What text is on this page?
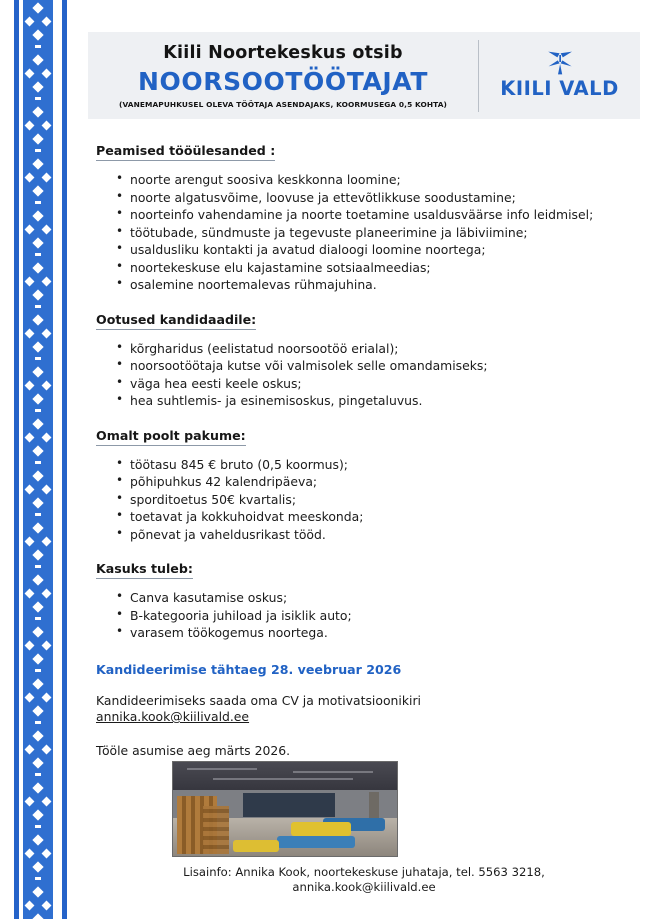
Kiili Noortekeskus otsib
NOORSOOTÖÖTAJAT
(VANEMAPUHKUSEL OLEVA TÖÖTAJA ASENDAJAKS, KOORMUSEGA 0,5 KOHTA)
KIILI VALD
Peamised tööülesanded :
• noorte arengut soosiva keskkonna loomine;
• noorte algatusvõime, loovuse ja ettevõtlikkuse soodustamine;
• noorteinfo vahendamine ja noorte toetamine usaldusväärse info leidmisel;
• töötubade, sündmuste ja tegevuste planeerimine ja läbiviimine;
• usaldusliku kontakti ja avatud dialoogi loomine noortega;
• noortekeskuse elu kajastamine sotsiaalmeedias;
• osalemine noortemalevas rühmajuhina.
Ootused kandidaadile:
• kõrgharidus (eelistatud noorsootöö erialal);
• noorsootöötaja kutse või valmisolek selle omandamiseks;
• väga hea eesti keele oskus;
• hea suhtlemis- ja esinemisoskus, pingetaluvus.
Omalt poolt pakume:
• töötasu 845 € bruto (0,5 koormus);
• põhipuhkus 42 kalendripäeva;
• sporditoetus 50€ kvartalis;
• toetavat ja kokkuhoidvat meeskonda;
• põnevat ja vaheldusrikast tööd.
Kasuks tuleb:
• Canva kasutamise oskus;
• B-kategooria juhiload ja isiklik auto;
• varasem töökogemus noortega.

Kandideerimise tähtaeg 28. veebruar 2026

Kandideerimiseks saada oma CV ja motivatsioonikiri
annika.kook@kiilivald.ee

Tööle asumise aeg märts 2026.

Lisainfo: Annika Kook, noortekeskuse juhataja, tel. 5563 3218,
annika.kook@kiilivald.ee
